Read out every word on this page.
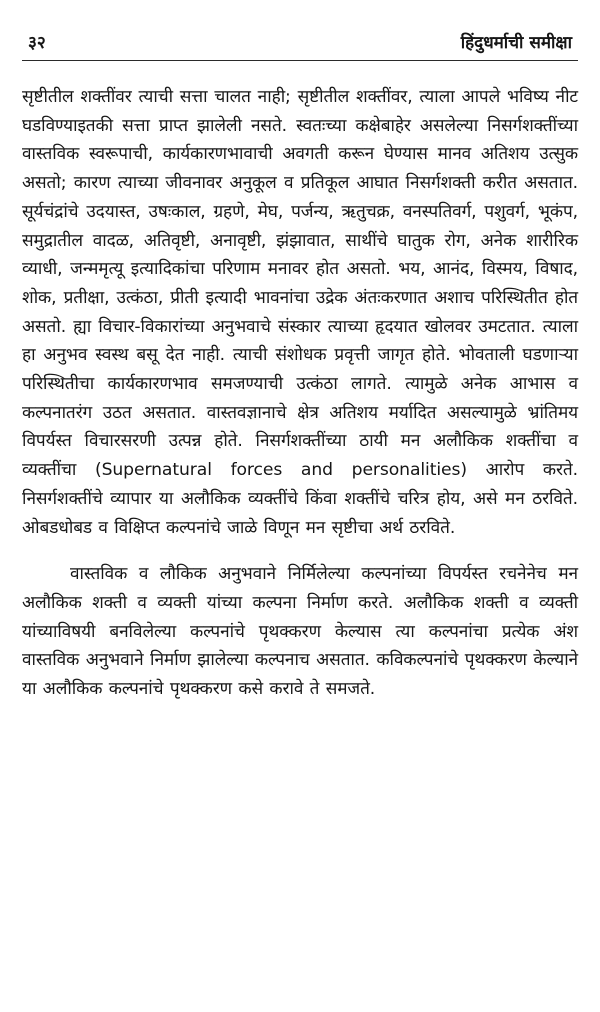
३२	हिंदुधर्माची समीक्षा

सृष्टीतील शक्तींवर त्याची सत्ता चालत नाही; सृष्टीतील शक्तींवर, त्याला आपले भविष्य नीट घडविण्याइतकी सत्ता प्राप्त झालेली नसते. स्वतःच्या कक्षेबाहेर असलेल्या निसर्गशक्तींच्या वास्तविक स्वरूपाची, कार्यकारणभावाची अवगती करून घेण्यास मानव अतिशय उत्सुक असतो; कारण त्याच्या जीवनावर अनुकूल व प्रतिकूल आघात निसर्गशक्ती करीत असतात. सूर्यचंद्रांचे उदयास्त, उषःकाल, ग्रहणे, मेघ, पर्जन्य, ऋतुचक्र, वनस्पतिवर्ग, पशुवर्ग, भूकंप, समुद्रातील वादळ, अतिवृष्टी, अनावृष्टी, झंझावात, साथींचे घातुक रोग, अनेक शारीरिक व्याधी, जन्ममृत्यू इत्यादिकांचा परिणाम मनावर होत असतो. भय, आनंद, विस्मय, विषाद, शोक, प्रतीक्षा, उत्कंठा, प्रीती इत्यादी भावनांचा उद्रेक अंतःकरणात अशाच परिस्थितीत होत असतो. ह्या विचार-विकारांच्या अनुभवाचे संस्कार त्याच्या हृदयात खोलवर उमटतात. त्याला हा अनुभव स्वस्थ बसू देत नाही. त्याची संशोधक प्रवृत्ती जागृत होते. भोवताली घडणाऱ्या परिस्थितीचा कार्यकारणभाव समजण्याची उत्कंठा लागते. त्यामुळे अनेक आभास व कल्पनातरंग उठत असतात. वास्तवज्ञानाचे क्षेत्र अतिशय मर्यादित असल्यामुळे भ्रांतिमय विपर्यस्त विचारसरणी उत्पन्न होते. निसर्गशक्तींच्या ठायी मन अलौकिक शक्तींचा व व्यक्तींचा (Supernatural forces and personalities) आरोप करते. निसर्गशक्तींचे व्यापार या अलौकिक व्यक्तींचे किंवा शक्तींचे चरित्र होय, असे मन ठरविते. ओबडधोबड व विक्षिप्त कल्पनांचे जाळे विणून मन सृष्टीचा अर्थ ठरविते.

वास्तविक व लौकिक अनुभवाने निर्मिलेल्या कल्पनांच्या विपर्यस्त रचनेनेच मन अलौकिक शक्ती व व्यक्ती यांच्या कल्पना निर्माण करते. अलौकिक शक्ती व व्यक्ती यांच्याविषयी बनविलेल्या कल्पनांचे पृथक्करण केल्यास त्या कल्पनांचा प्रत्येक अंश वास्तविक अनुभवाने निर्माण झालेल्या कल्पनाच असतात. कविकल्पनांचे पृथक्करण केल्याने या अलौकिक कल्पनांचे पृथक्करण कसे करावे ते समजते.
